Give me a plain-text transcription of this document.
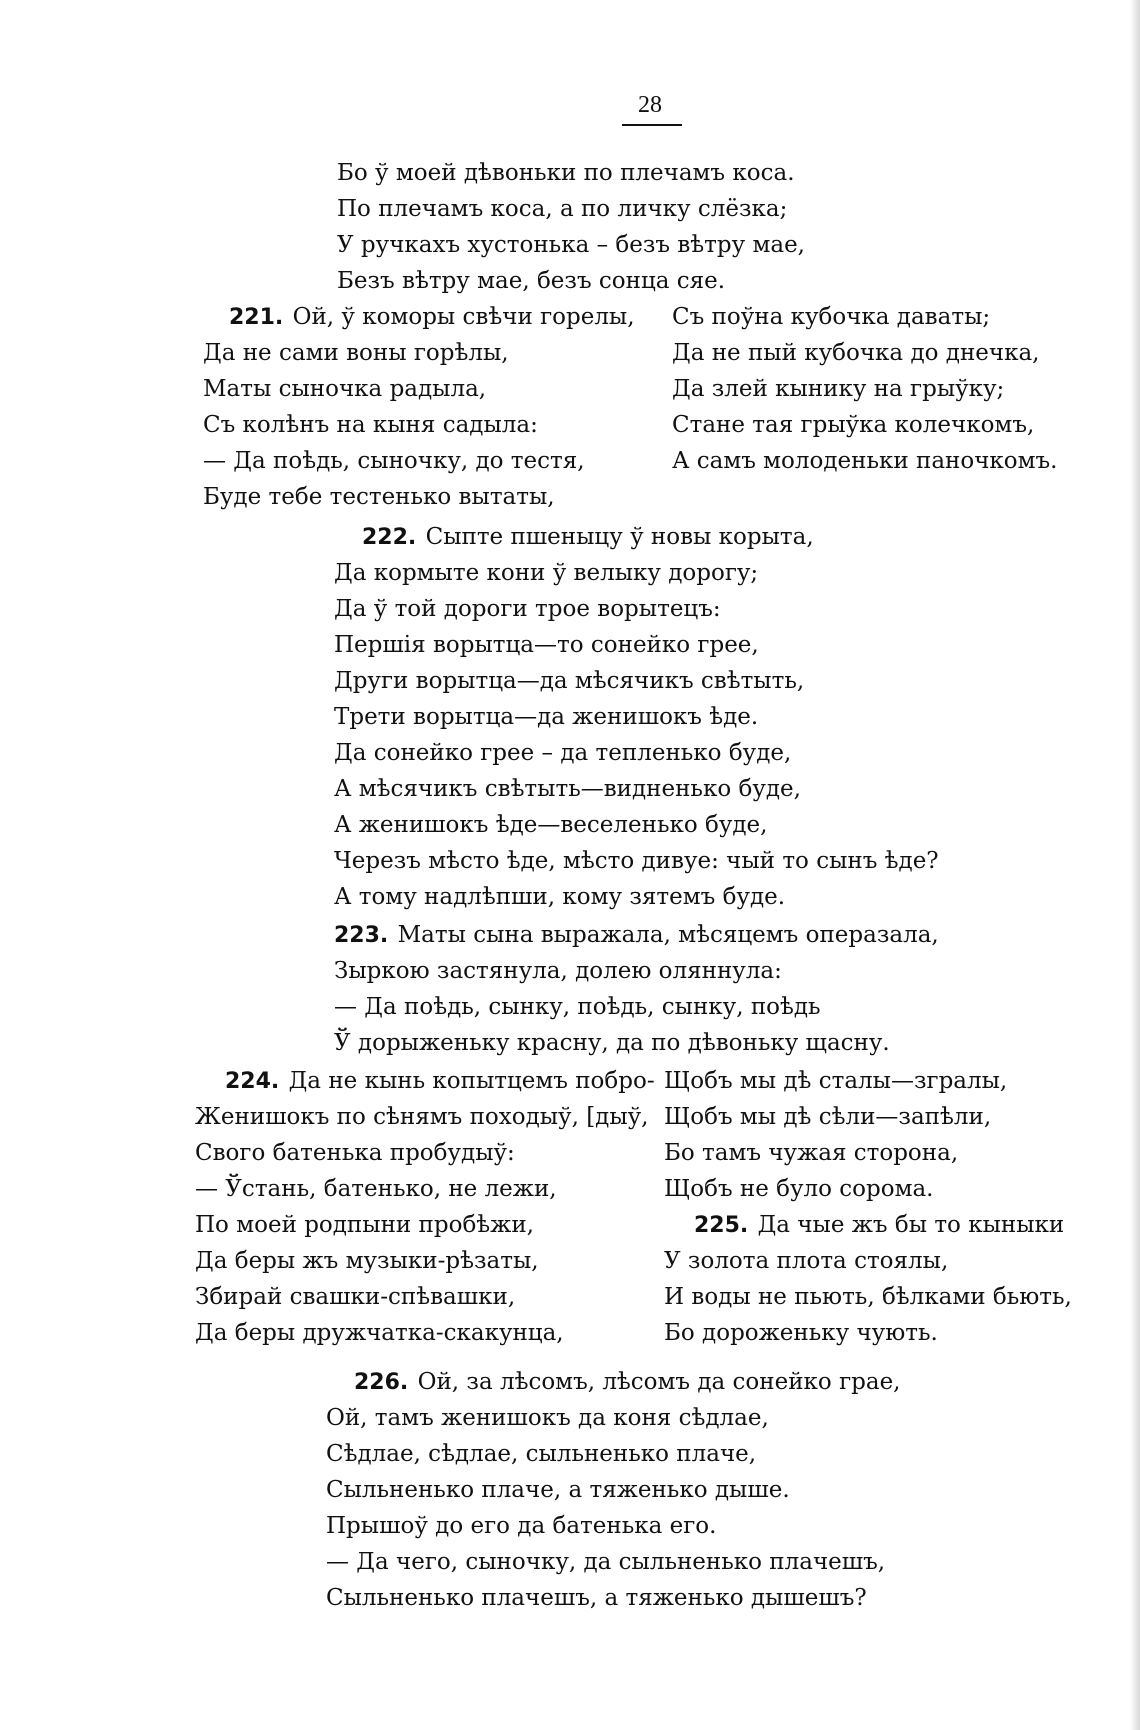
28
Бо ў моей дѣвоньки по плечамъ коса.
По плечамъ коса, а по личку слёзка;
У ручкахъ хустонька – безъ вѣтру мае,
Безъ вѣтру мае, безъ сонца сяе.
221. Ой, ў коморы свѣчи горелы,
Да не сами воны горѣлы,
Маты сыночка радыла,
Съ колѣнъ на кыня садыла:
— Да поѣдь, сыночку, до тестя,
Буде тебе тестенько вытаты,
Съ поўна кубочка даваты;
Да не пый кубочка до днечка,
Да злей кынику на грыўку;
Стане тая грыўка колечкомъ,
А самъ молоденьки паночкомъ.
222. Сыпте пшеныцу ў новы корыта,
Да кормыте кони ў велыку дорогу;
Да ў той дороги трое ворытецъ:
Першія ворытца—то сонейко грее,
Други ворытца—да мѣсячикъ свѣтыть,
Трети ворытца—да женишокъ ѣде.
Да сонейко грее – да тепленько буде,
А мѣсячикъ свѣтыть—видненько буде,
А женишокъ ѣде—веселенько буде,
Черезъ мѣсто ѣде, мѣсто дивуе: чый то сынъ ѣде?
А тому надлѣпши, кому зятемъ буде.
223. Маты сына выражала, мѣсяцемъ операзала,
Зыркою застянула, долею оляннула:
— Да поѣдь, сынку, поѣдь, сынку, поѣдь
Ў дорыженьку красну, да по дѣвоньку щасну.
224. Да не кынь копытцемъ побро-
Женишокъ по сѣнямъ походыў, [дыў,
Свого батенька пробудыў:
— Ўстань, батенько, не лежи,
По моей родпыни пробѣжи,
Да беры жъ музыки-рѣзаты,
Збирай свашки-спѣвашки,
Да беры дружчатка-скакунца,
Щобъ мы дѣ сталы—згралы,
Щобъ мы дѣ сѣли—запѣли,
Бо тамъ чужая сторона,
Щобъ не було сорома.
225. Да чые жъ бы то кыныки
У золота плота стоялы,
И воды не пьють, бѣлками бьють,
Бо дороженьку чують.
226. Ой, за лѣсомъ, лѣсомъ да сонейко грае,
Ой, тамъ женишокъ да коня сѣдлае,
Сѣдлае, сѣдлае, сыльненько плаче,
Сыльненько плаче, а тяженько дыше.
Прышоў до его да батенька его.
— Да чего, сыночку, да сыльненько плачешъ,
Сыльненько плачешъ, а тяженько дышешъ?
